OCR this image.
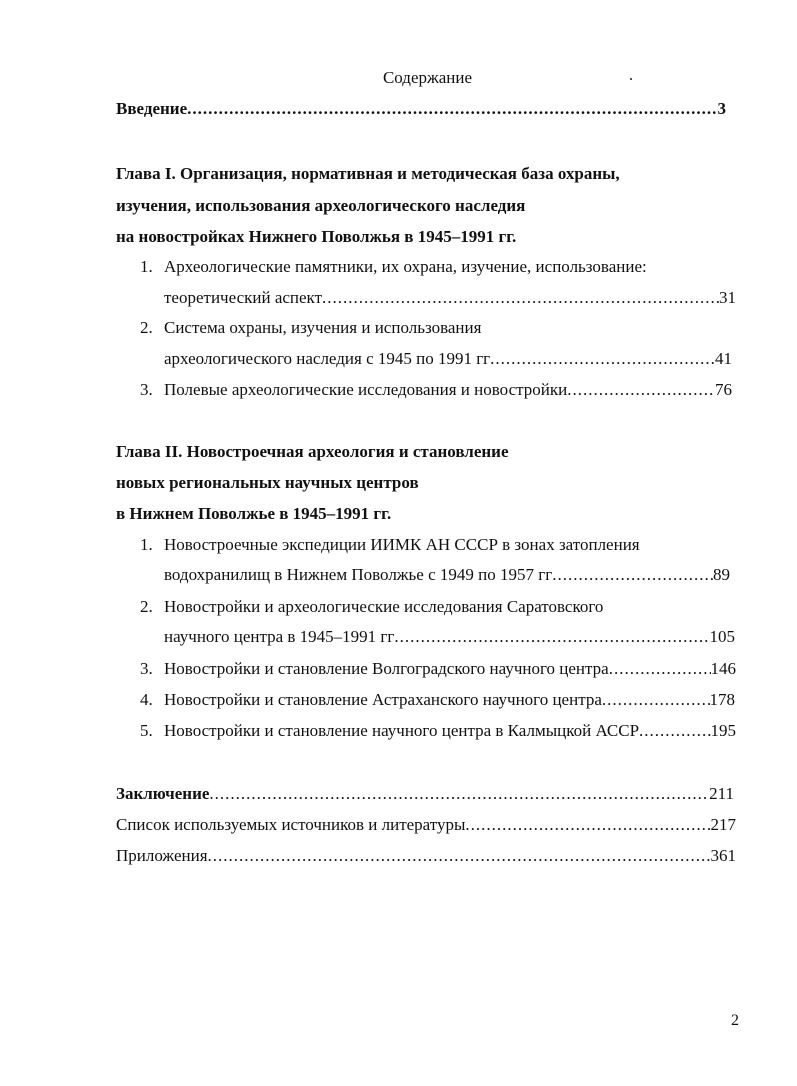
Содержание
Введение .....	3
Глава I. Организация, нормативная и методическая база охраны,
изучения, использования археологического наследия
на новостройках Нижнего Поволжья в 1945–1991 гг.
1. Археологические памятники, их охрана, изучение, использование:
теоретический аспект .....	31
2. Система охраны, изучения и использования
археологического наследия с 1945 по 1991 гг .....	41
3. Полевые археологические исследования и новостройки .....	76
Глава II. Новостроечная археология и становление
новых региональных научных центров
в Нижнем Поволжье в 1945–1991 гг.
1. Новостроечные экспедиции ИИМК АН СССР в зонах затопления
водохранилищ в Нижнем Поволжье с 1949 по 1957 гг .....	89
2. Новостройки и археологические исследования Саратовского
научного центра в 1945–1991 гг .....	105
3. Новостройки и становление Волгоградского научного центра .....	146
4. Новостройки и становление Астраханского научного центра .....	178
5. Новостройки и становление научного центра в Калмыцкой АССР .....	195
Заключение .....	211
Список используемых источников и литературы .....	217
Приложения .....	361
2
